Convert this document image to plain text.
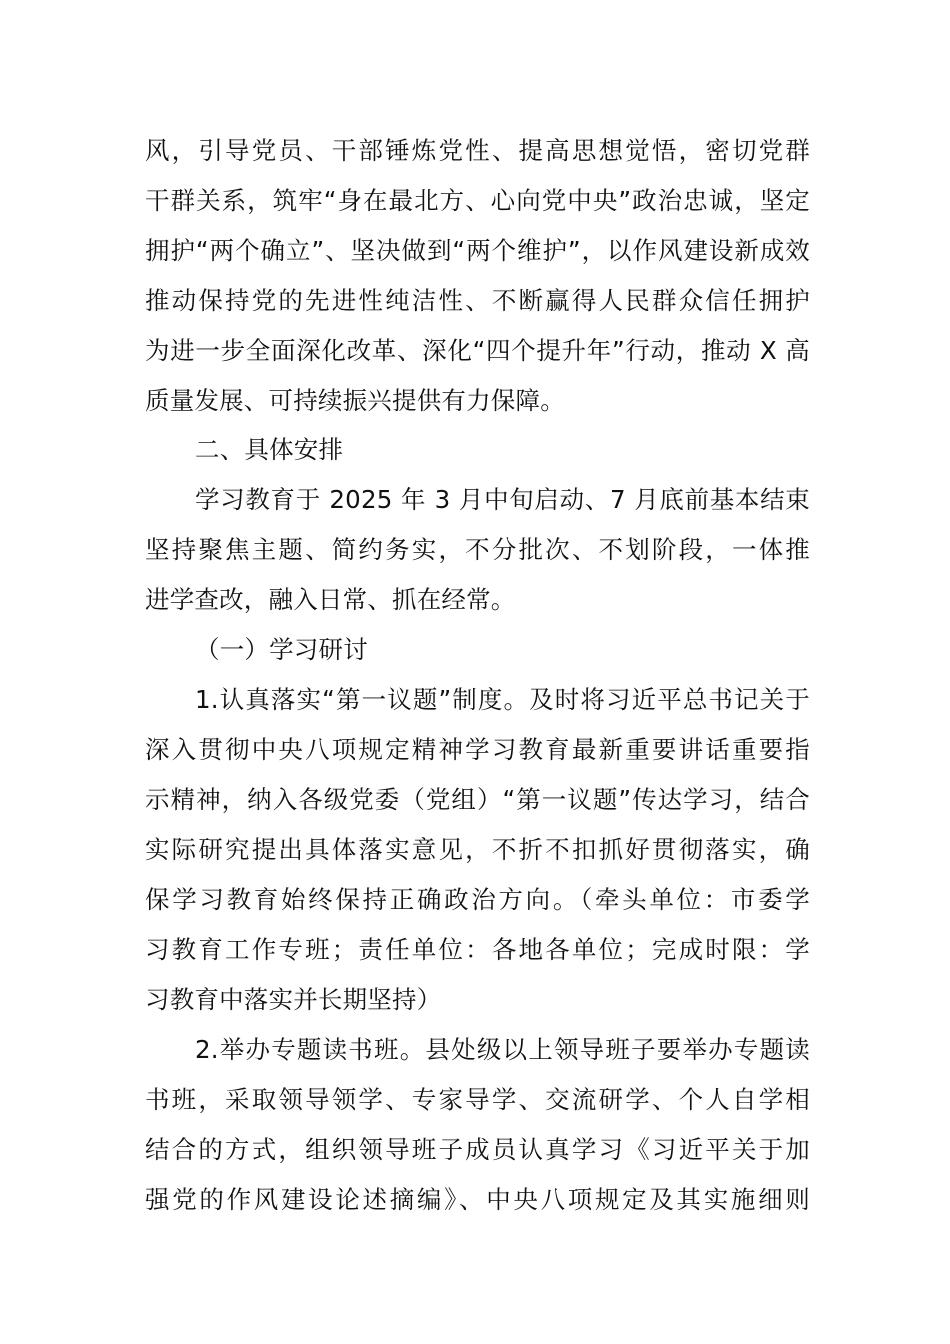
风，引导党员、干部锤炼党性、提高思想觉悟，密切党群
干群关系，筑牢“身在最北方、心向党中央”政治忠诚，坚定
拥护“两个确立”、坚决做到“两个维护”，以作风建设新成效
推动保持党的先进性纯洁性、不断赢得人民群众信任拥护
为进一步全面深化改革、深化“四个提升年”行动，推动 X 高
质量发展、可持续振兴提供有力保障。
二、具体安排
学习教育于 2025 年 3 月中旬启动、7 月底前基本结束
坚持聚焦主题、简约务实，不分批次、不划阶段，一体推
进学查改，融入日常、抓在经常。
（一）学习研讨
1.认真落实“第一议题”制度。及时将习近平总书记关于
深入贯彻中央八项规定精神学习教育最新重要讲话重要指
示精神，纳入各级党委（党组）“第一议题”传达学习，结合
实际研究提出具体落实意见，不折不扣抓好贯彻落实，确
保学习教育始终保持正确政治方向。（牵头单位：市委学
习教育工作专班；责任单位：各地各单位；完成时限：学
习教育中落实并长期坚持）
2.举办专题读书班。县处级以上领导班子要举办专题读
书班，采取领导领学、专家导学、交流研学、个人自学相
结合的方式，组织领导班子成员认真学习《习近平关于加
强党的作风建设论述摘编》、中央八项规定及其实施细则
